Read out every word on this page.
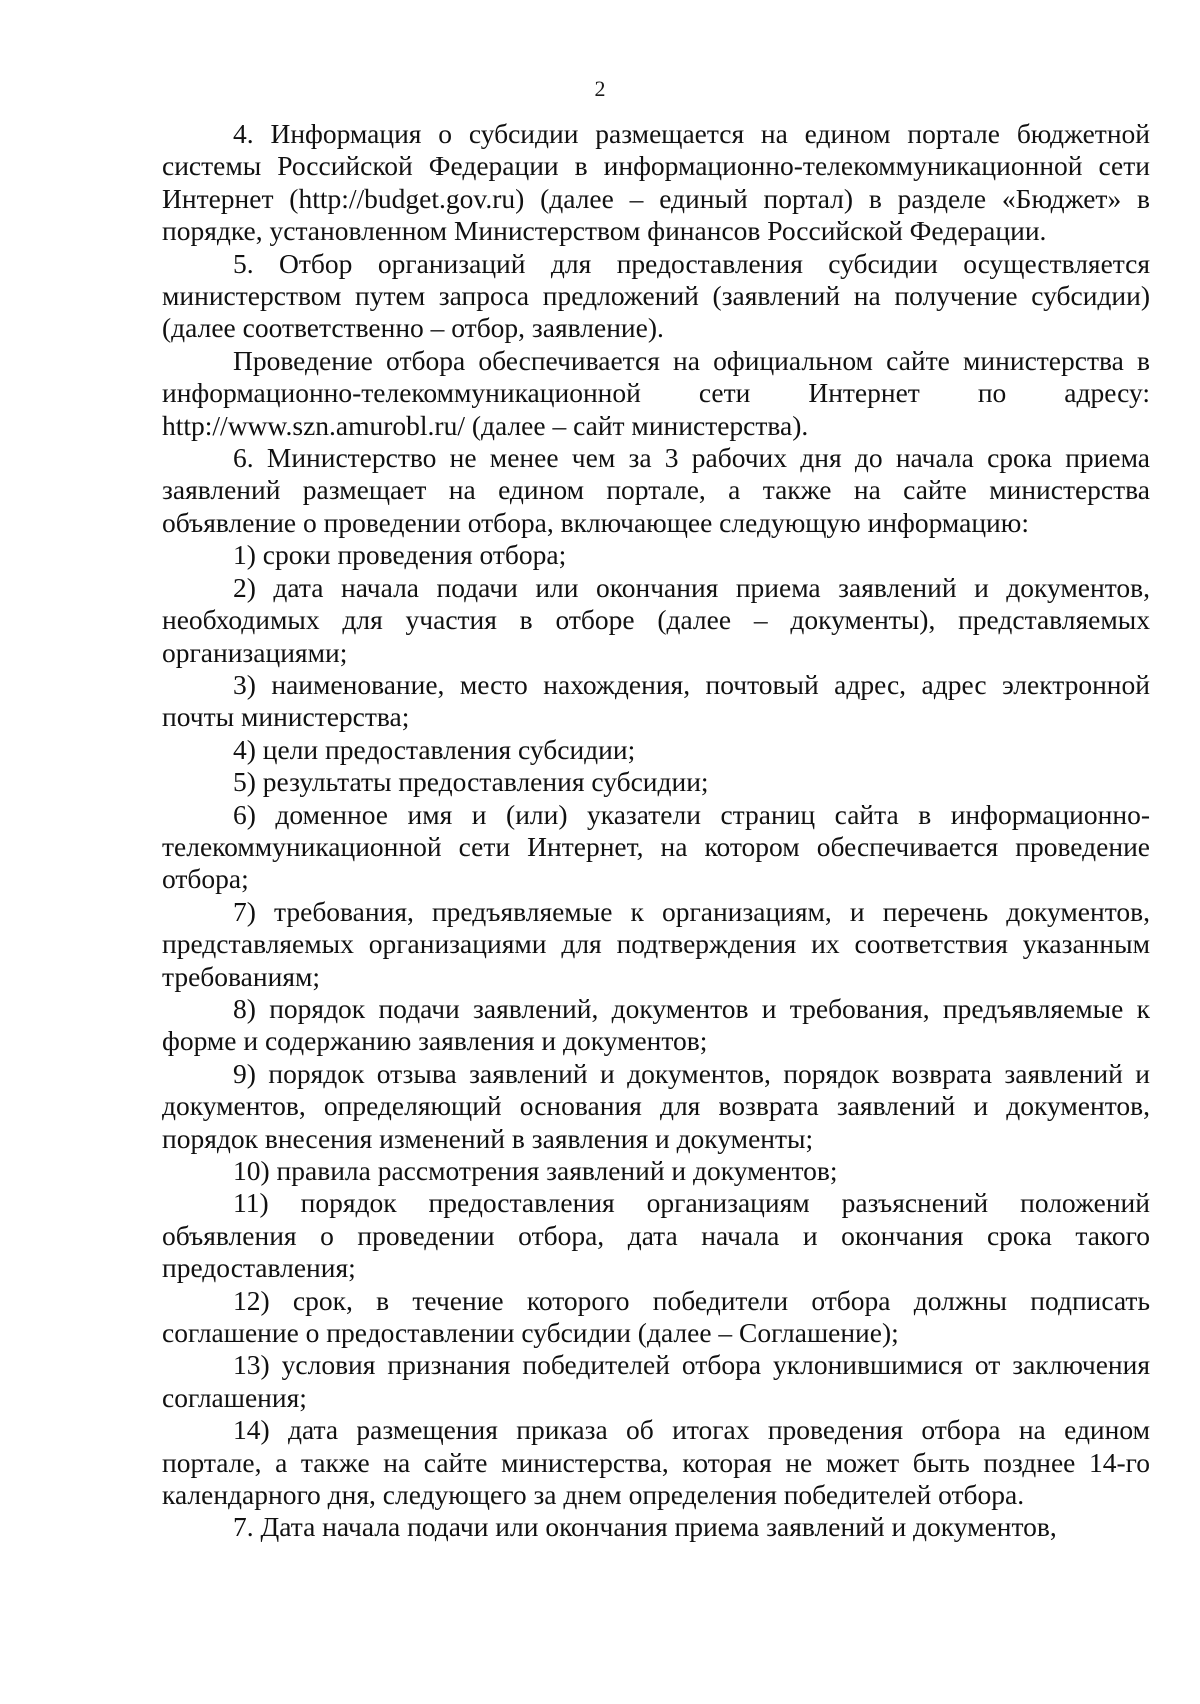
2

4. Информация о субсидии размещается на едином портале бюджетной системы Российской Федерации в информационно-телекоммуникационной сети Интернет (http://budget.gov.ru) (далее – единый портал) в разделе «Бюджет» в порядке, установленном Министерством финансов Российской Федерации.

5. Отбор организаций для предоставления субсидии осуществляется министерством путем запроса предложений (заявлений на получение субсидии) (далее соответственно – отбор, заявление).

Проведение отбора обеспечивается на официальном сайте министерства в информационно-телекоммуникационной сети Интернет по адресу: http://www.szn.amurobl.ru/ (далее – сайт министерства).

6. Министерство не менее чем за 3 рабочих дня до начала срока приема заявлений размещает на едином портале, а также на сайте министерства объявление о проведении отбора, включающее следующую информацию:

1) сроки проведения отбора;

2) дата начала подачи или окончания приема заявлений и документов, необходимых для участия в отборе (далее – документы), представляемых организациями;

3) наименование, место нахождения, почтовый адрес, адрес электронной почты министерства;

4) цели предоставления субсидии;

5) результаты предоставления субсидии;

6) доменное имя и (или) указатели страниц сайта в информационно-телекоммуникационной сети Интернет, на котором обеспечивается проведение отбора;

7) требования, предъявляемые к организациям, и перечень документов, представляемых организациями для подтверждения их соответствия указанным требованиям;

8) порядок подачи заявлений, документов и требования, предъявляемые к форме и содержанию заявления и документов;

9) порядок отзыва заявлений и документов, порядок возврата заявлений и документов, определяющий основания для возврата заявлений и документов, порядок внесения изменений в заявления и документы;

10) правила рассмотрения заявлений и документов;

11) порядок предоставления организациям разъяснений положений объявления о проведении отбора, дата начала и окончания срока такого предоставления;

12) срок, в течение которого победители отбора должны подписать соглашение о предоставлении субсидии (далее – Соглашение);

13) условия признания победителей отбора уклонившимися от заключения соглашения;

14) дата размещения приказа об итогах проведения отбора на едином портале, а также на сайте министерства, которая не может быть позднее 14-го календарного дня, следующего за днем определения победителей отбора.

7. Дата начала подачи или окончания приема заявлений и документов,
